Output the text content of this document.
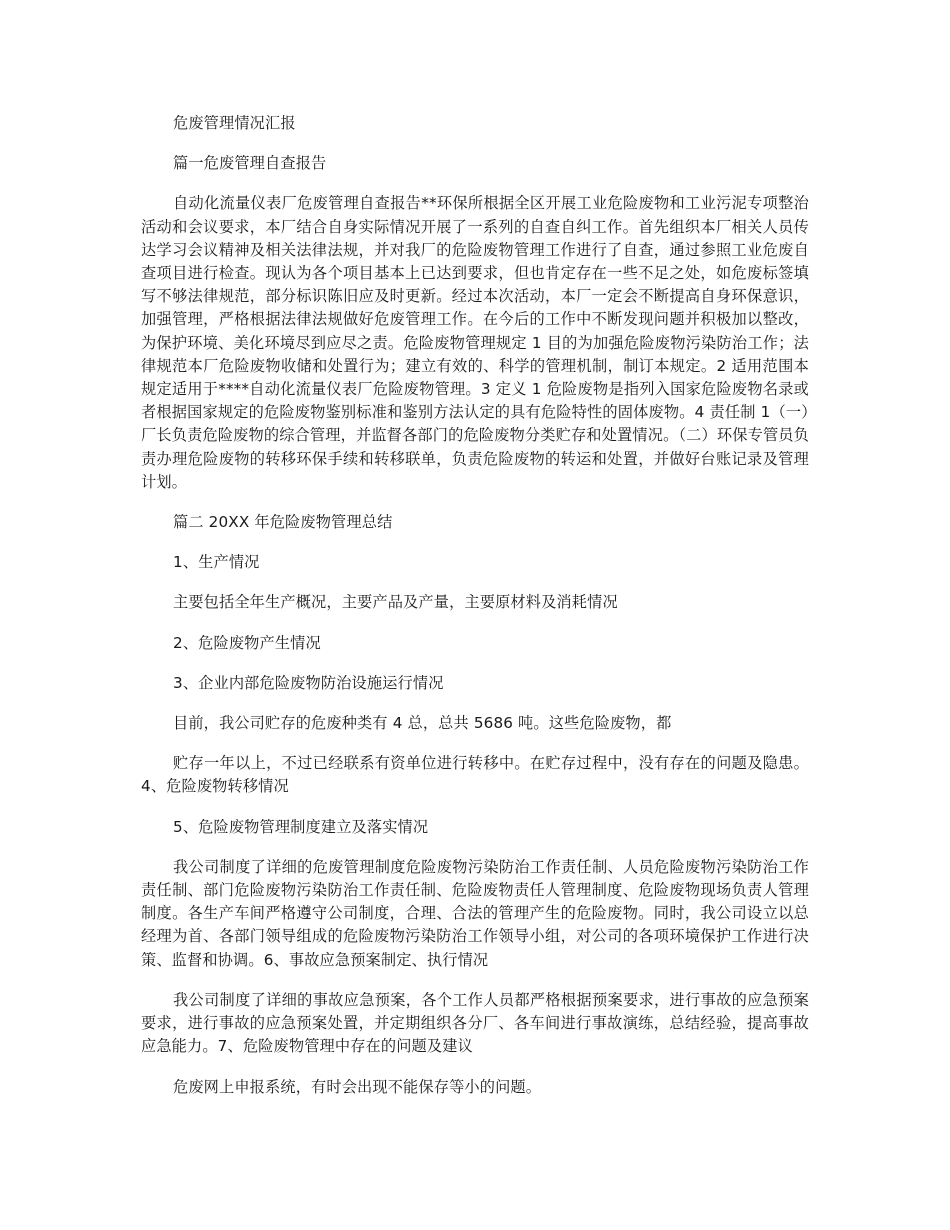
危废管理情况汇报

篇一危废管理自查报告

自动化流量仪表厂危废管理自查报告**环保所根据全区开展工业危险废物和工业污泥专项整治活动和会议要求，本厂结合自身实际情况开展了一系列的自查自纠工作。首先组织本厂相关人员传达学习会议精神及相关法律法规，并对我厂的危险废物管理工作进行了自查，通过参照工业危废自查项目进行检查。现认为各个项目基本上已达到要求，但也肯定存在一些不足之处，如危废标签填写不够法律规范，部分标识陈旧应及时更新。经过本次活动，本厂一定会不断提高自身环保意识，加强管理，严格根据法律法规做好危废管理工作。在今后的工作中不断发现问题并积极加以整改，为保护环境、美化环境尽到应尽之责。危险废物管理规定 1 目的为加强危险废物污染防治工作；法律规范本厂危险废物收储和处置行为；建立有效的、科学的管理机制，制订本规定。2 适用范围本规定适用于****自动化流量仪表厂危险废物管理。3 定义 1 危险废物是指列入国家危险废物名录或者根据国家规定的危险废物鉴别标准和鉴别方法认定的具有危险特性的固体废物。4 责任制 1（一）厂长负责危险废物的综合管理，并监督各部门的危险废物分类贮存和处置情况。（二）环保专管员负责办理危险废物的转移环保手续和转移联单，负责危险废物的转运和处置，并做好台账记录及管理计划。

篇二 20XX 年危险废物管理总结

1、生产情况

主要包括全年生产概况，主要产品及产量，主要原材料及消耗情况

2、危险废物产生情况

3、企业内部危险废物防治设施运行情况

目前，我公司贮存的危废种类有 4 总，总共 5686 吨。这些危险废物，都

贮存一年以上，不过已经联系有资单位进行转移中。在贮存过程中，没有存在的问题及隐患。4、危险废物转移情况

5、危险废物管理制度建立及落实情况

我公司制度了详细的危废管理制度危险废物污染防治工作责任制、人员危险废物污染防治工作责任制、部门危险废物污染防治工作责任制、危险废物责任人管理制度、危险废物现场负责人管理制度。各生产车间严格遵守公司制度，合理、合法的管理产生的危险废物。同时，我公司设立以总经理为首、各部门领导组成的危险废物污染防治工作领导小组，对公司的各项环境保护工作进行决策、监督和协调。6、事故应急预案制定、执行情况

我公司制度了详细的事故应急预案，各个工作人员都严格根据预案要求，进行事故的应急预案要求，进行事故的应急预案处置，并定期组织各分厂、各车间进行事故演练，总结经验，提高事故应急能力。7、危险废物管理中存在的问题及建议

危废网上申报系统，有时会出现不能保存等小的问题。
